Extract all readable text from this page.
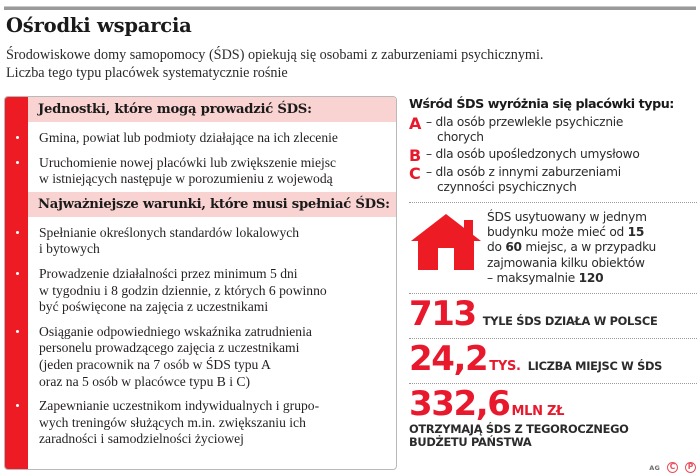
Ośrodki wsparcia
Środowiskowe domy samopomocy (ŚDS) opiekują się osobami z zaburzeniami psychicznymi.
Liczba tego typu placówek systematycznie rośnie
Jednostki, które mogą prowadzić ŚDS:
Gmina, powiat lub podmioty działające na ich zlecenie
Uruchomienie nowej placówki lub zwiększenie miejsc
w istniejących następuje w porozumieniu z wojewodą
Najważniejsze warunki, które musi spełniać ŚDS:
Spełnianie określonych standardów lokalowych
i bytowych
Prowadzenie działalności przez minimum 5 dni
w tygodniu i 8 godzin dziennie, z których 6 powinno
być poświęcone na zajęcia z uczestnikami
Osiąganie odpowiedniego wskaźnika zatrudnienia
personelu prowadzącego zajęcia z uczestnikami
(jeden pracownik na 7 osób w ŚDS typu A
oraz na 5 osób w placówce typu B i C)
Zapewnianie uczestnikom indywidualnych i grupo-
wych treningów służących m.in. zwiększaniu ich
zaradności i samodzielności życiowej
Wśród ŚDS wyróżnia się placówki typu:
A – dla osób przewlekle psychicznie
chorych
B – dla osób upośledzonych umysłowo
C – dla osób z innymi zaburzeniami
czynności psychicznych
ŚDS usytuowany w jednym
budynku może mieć od 15
do 60 miejsc, a w przypadku
zajmowania kilku obiektów
– maksymalnie 120
713 TYLE ŚDS DZIAŁA W POLSCE
24,2 TYS. LICZBA MIEJSC W ŚDS
332,6 MLN ZŁ
OTRZYMAJĄ ŚDS Z TEGOROCZNEGO
BUDŻETU PAŃSTWA
AG	C	P
